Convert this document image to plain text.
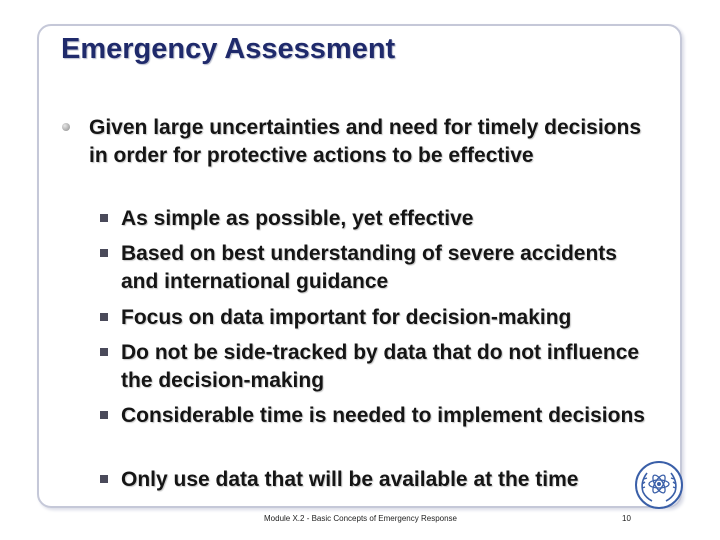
Emergency Assessment
Given large uncertainties and need for timely decisions in order for protective actions to be effective
As simple as possible, yet effective
Based on best understanding of severe accidents and international guidance
Focus on data important for decision-making
Do not be side-tracked by data that do not influence the decision-making
Considerable time is needed to implement decisions
Only use data that will be available at the time
Module X.2 - Basic Concepts of Emergency Response	10
